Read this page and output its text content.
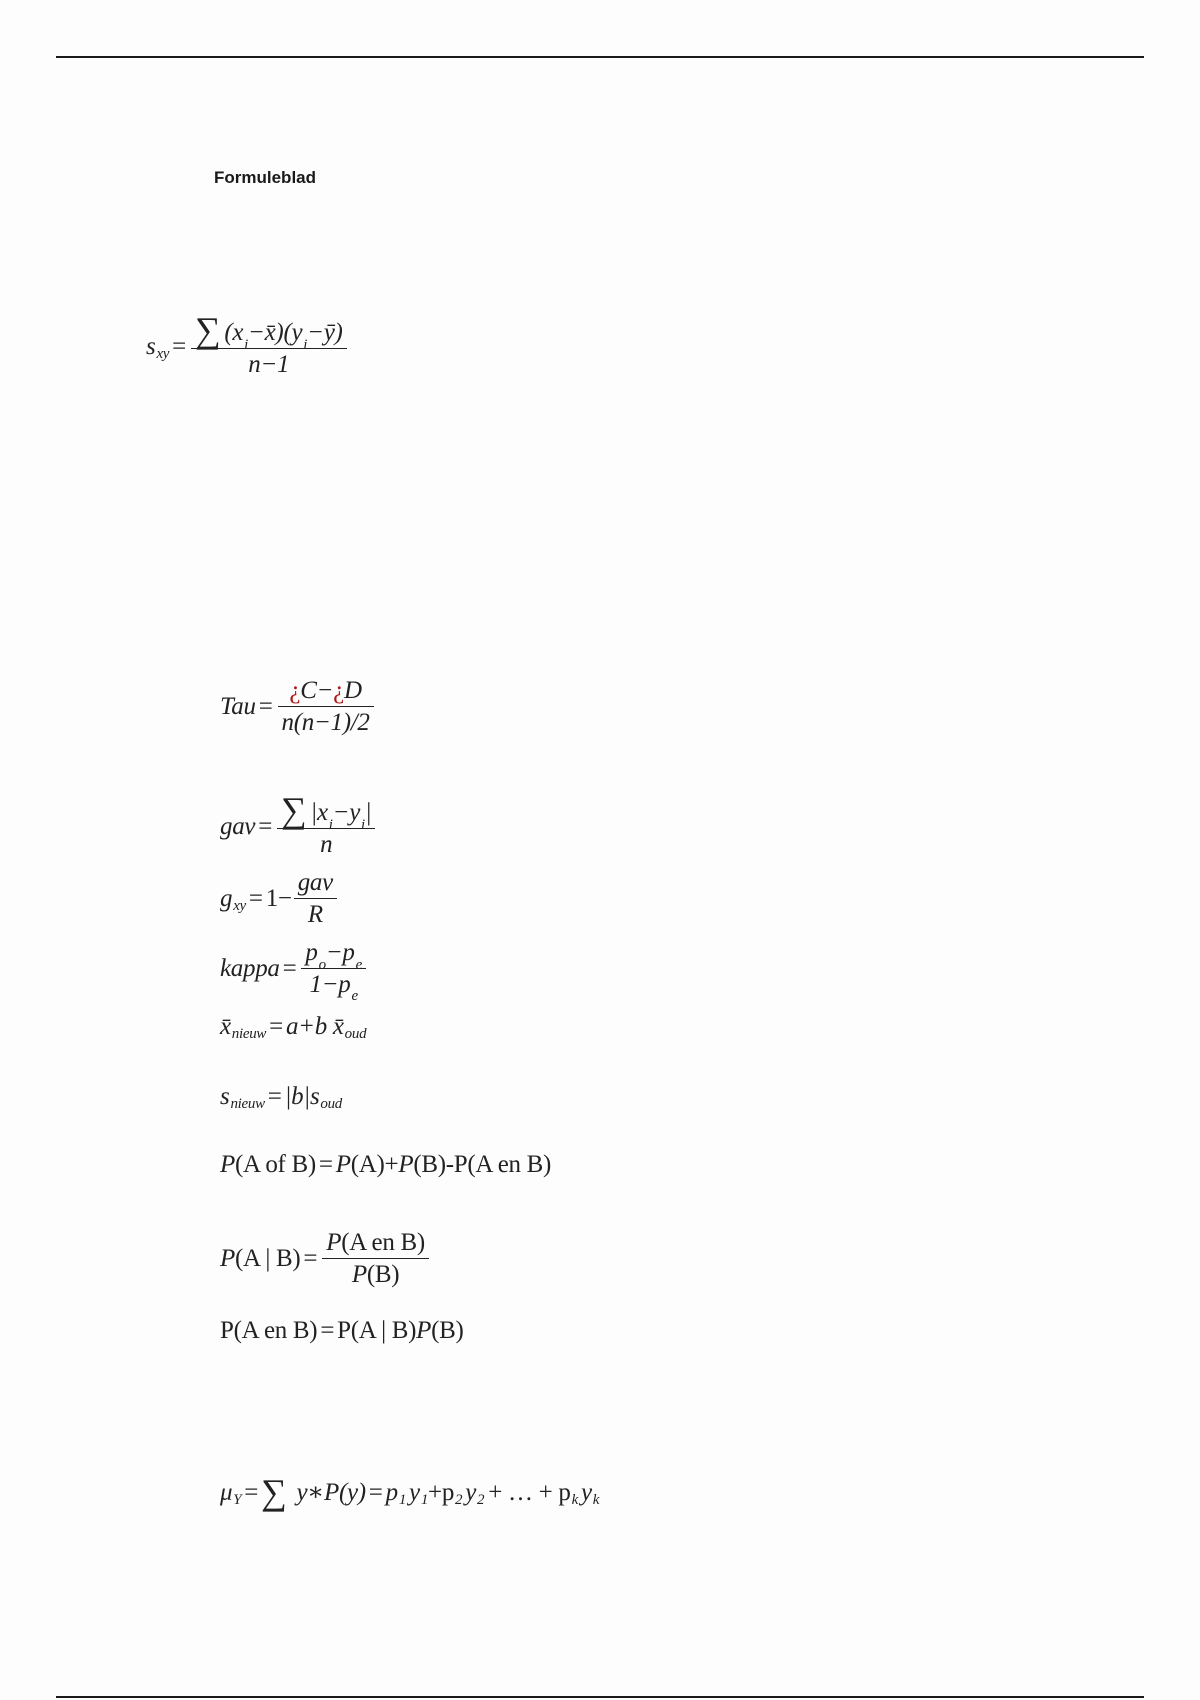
Formuleblad
s xy = $\frac{\text{∑ (x i −x̄)(y i −ȳ)}}{n-1}$
Tau = $\frac{¿ C- ¿ D}{n(n-1)/2}$
gav = $\frac{\text{∑ |x i −y i |}}{n}$
g xy = $1- \frac{\text{gav}}{R}$
kappa = $\frac{\text{p o −p e}}{1-p_e}$
x̄ nieuw = a+b x̄ oud
s nieuw = |b|s oud
P (A of B) = P (A)+ P (B) -P(A en B)
P (A | $B) = \frac{\text{P (A en B)}}{P(B)}$
P(A en B) = P(A | B) P (B)
μ Y = ∑ y∗P(y) = p 1 y 1 +p 2 y 2 + … + p k y k
